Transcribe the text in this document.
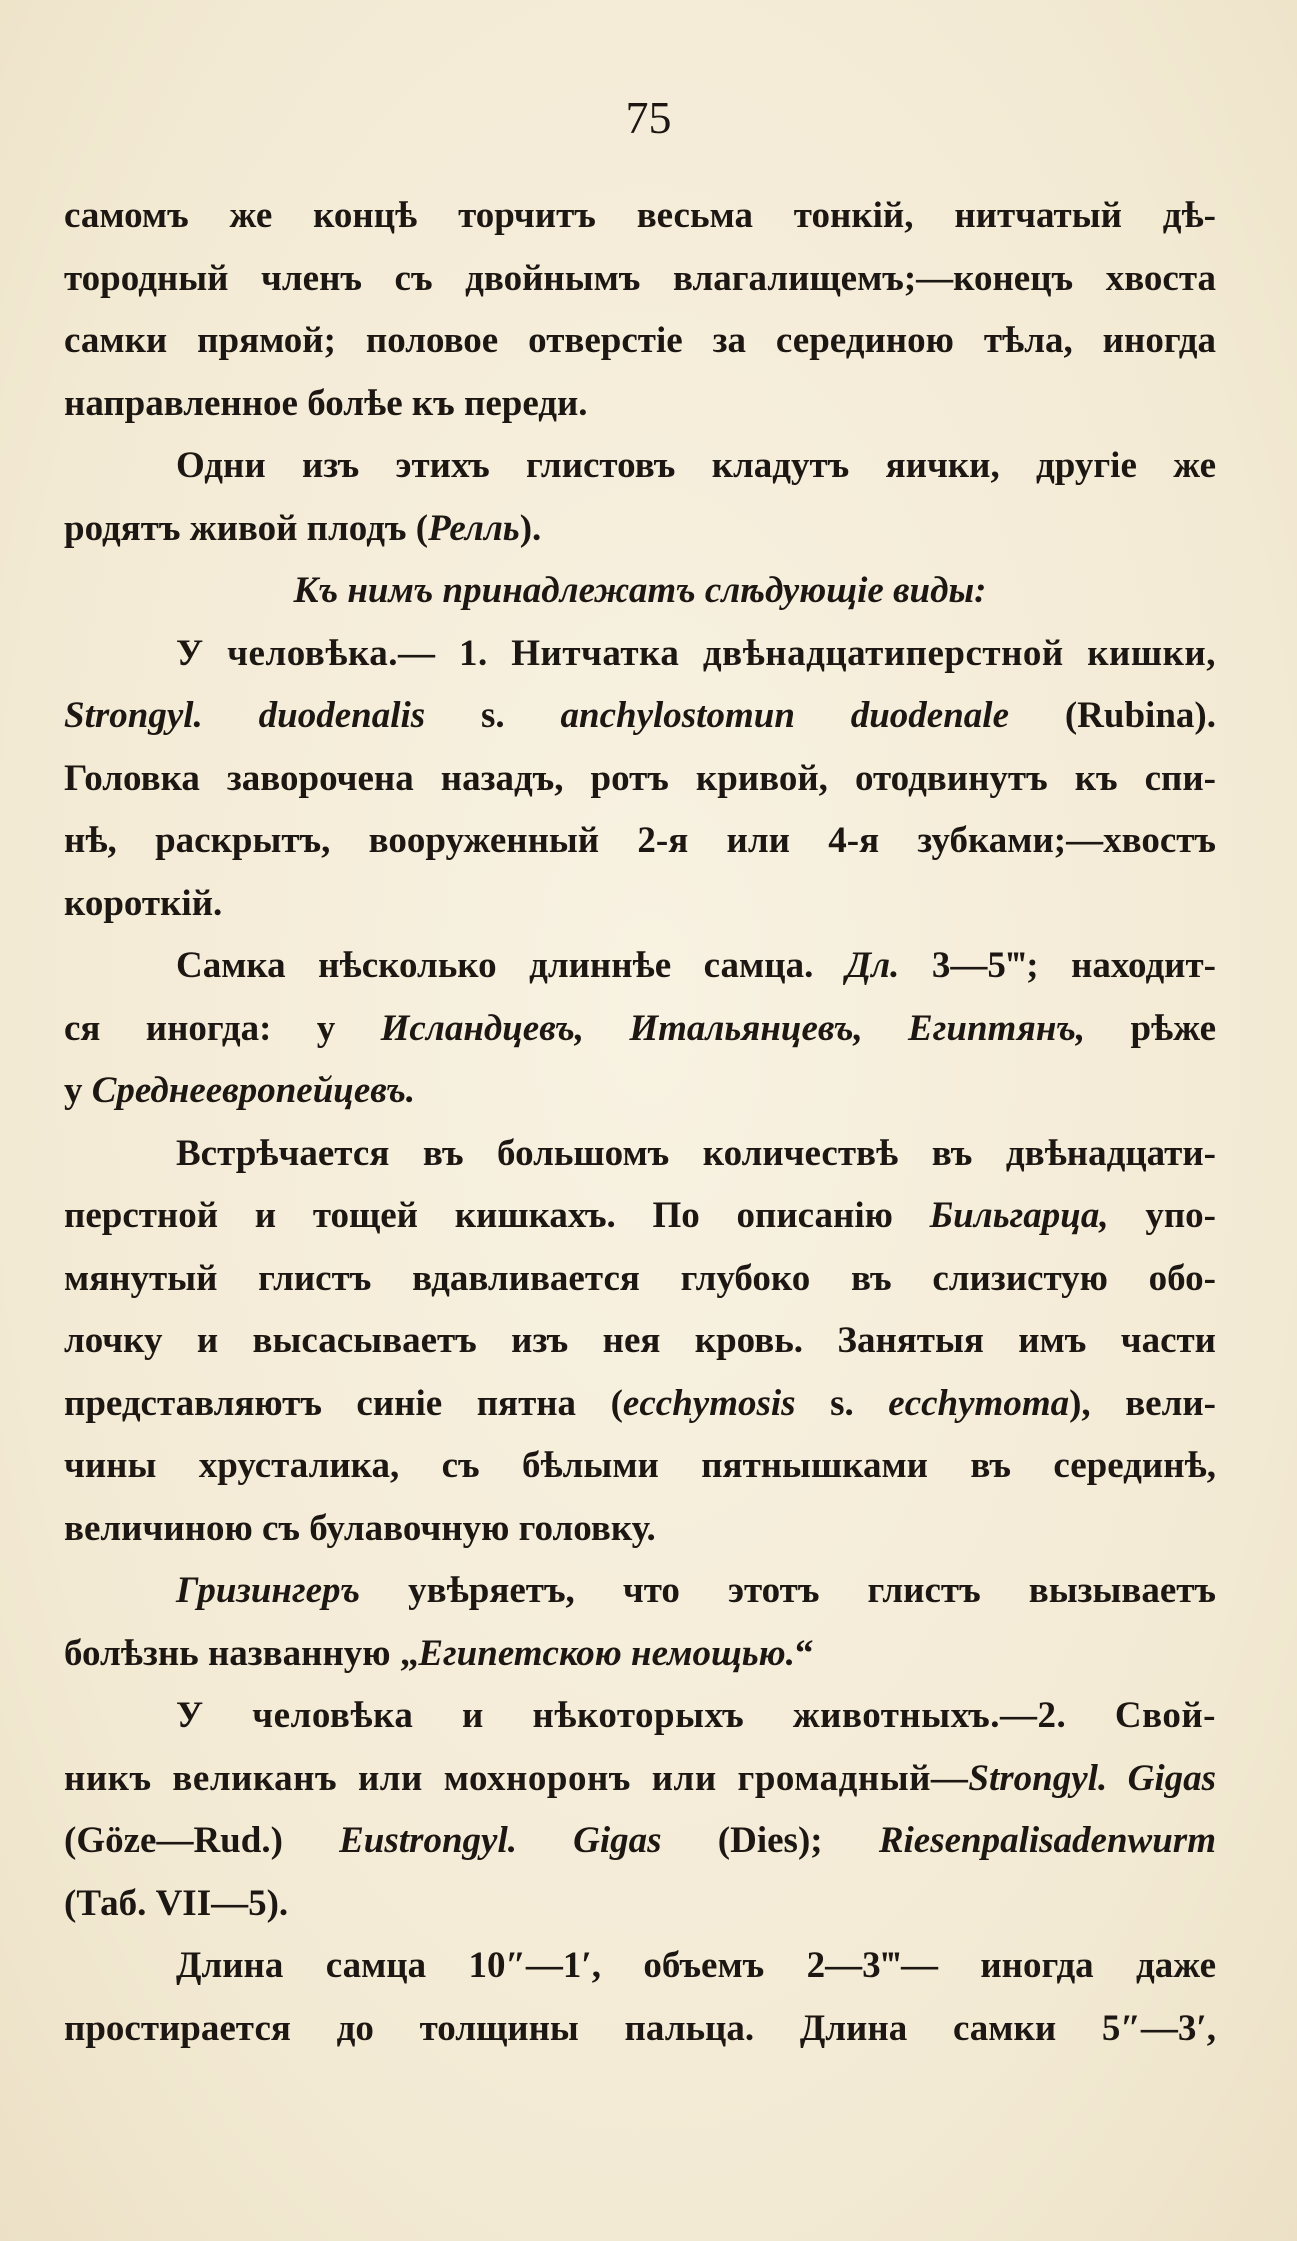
75

самомъ же концѣ торчитъ весьма тонкій, нитчатый дѣ-
тородный членъ съ двойнымъ влагалищемъ;—конецъ хвоста
самки прямой; половое отверстіе за серединою тѣла, иногда
направленное болѣе къ переди.

Одни изъ этихъ глистовъ кладутъ яички, другіе же
родятъ живой плодъ (Релль).

Къ нимъ принадлежатъ слѣдующіе виды:

У человѣка.— 1. Нитчатка двѣнадцатиперстной кишки,
Strongyl. duodenalis s. anchylostomun duodenale (Rubina).
Головка заворочена назадъ, ротъ кривой, отодвинутъ къ спи-
нѣ, раскрытъ, вооруженный 2-я или 4-я зубками;—хвостъ
короткій.

Самка нѣсколько длиннѣе самца. Дл. 3—5‴; находит-
ся иногда: у Исландцевъ, Итальянцевъ, Египтянъ, рѣже
у Среднеевропейцевъ.

Встрѣчается въ большомъ количествѣ въ двѣнадцати-
перстной и тощей кишкахъ. По описанію Бильгарца, упо-
мянутый глистъ вдавливается глубоко въ слизистую обо-
лочку и высасываетъ изъ нея кровь. Занятыя имъ части
представляютъ синіе пятна (ecchymosis s. ecchymoma), вели-
чины хрусталика, съ бѣлыми пятнышками въ серединѣ,
величиною съ булавочную головку.

Гризингеръ увѣряетъ, что этотъ глистъ вызываетъ
болѣзнь названную „Египетскою немощью.“

У человѣка и нѣкоторыхъ животныхъ.—2. Свой-
никъ великанъ или мохноронъ или громадный—Strongyl. Gigas
(Göze—Rud.) Eustrongyl. Gigas (Dies); Riesenpalisadenwurm
(Таб. VII—5).

Длина самца 10″—1′, объемъ 2—3‴— иногда даже
простирается до толщины пальца. Длина самки 5″—3′,
